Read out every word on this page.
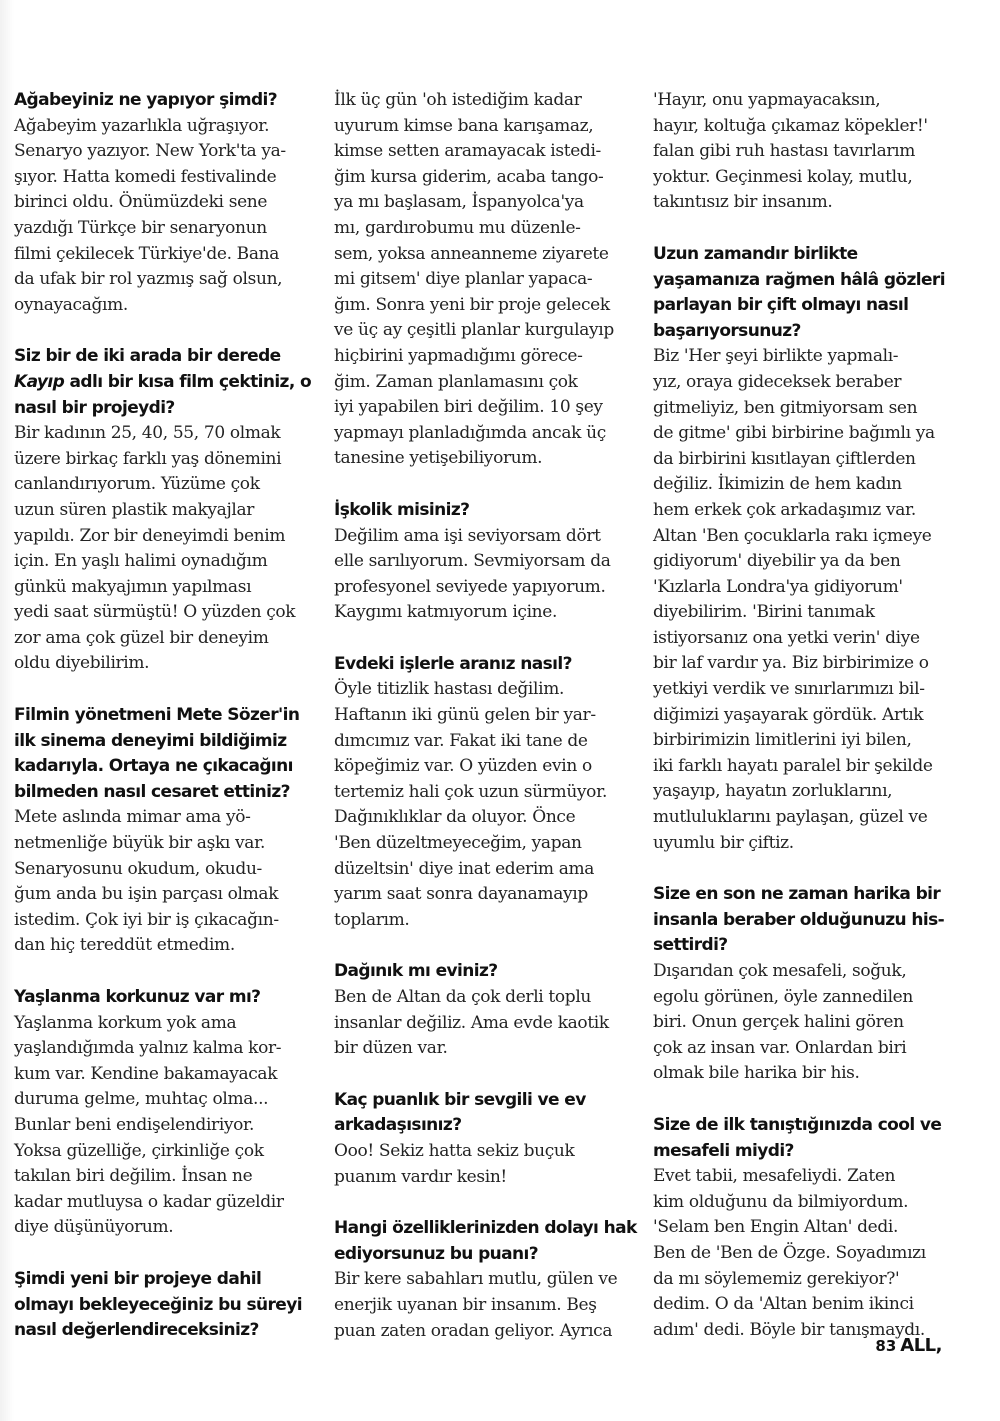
Ağabeyiniz ne yapıyor şimdi?

Ağabeyim yazarlıkla uğraşıyor.
Senaryo yazıyor. New York'ta ya-
şıyor. Hatta komedi festivalinde
birinci oldu. Önümüzdeki sene
yazdığı Türkçe bir senaryonun
filmi çekilecek Türkiye'de. Bana
da ufak bir rol yazmış sağ olsun,
oynayacağım.

Siz bir de iki arada bir derede
Kayıp adlı bir kısa film çektiniz, o
nasıl bir projeydi?

Bir kadının 25, 40, 55, 70 olmak
üzere birkaç farklı yaş dönemini
canlandırıyorum. Yüzüme çok
uzun süren plastik makyajlar
yapıldı. Zor bir deneyimdi benim
için. En yaşlı halimi oynadığım
günkü makyajımın yapılması
yedi saat sürmüştü! O yüzden çok
zor ama çok güzel bir deneyim
oldu diyebilirim.

Filmin yönetmeni Mete Sözer'in
ilk sinema deneyimi bildiğimiz
kadarıyla. Ortaya ne çıkacağını
bilmeden nasıl cesaret ettiniz?

Mete aslında mimar ama yö-
netmenliğe büyük bir aşkı var.
Senaryosunu okudum, okudu-
ğum anda bu işin parçası olmak
istedim. Çok iyi bir iş çıkacağın-
dan hiç tereddüt etmedim.

Yaşlanma korkunuz var mı?

Yaşlanma korkum yok ama
yaşlandığımda yalnız kalma kor-
kum var. Kendine bakamayacak
duruma gelme, muhtaç olma...
Bunlar beni endişelendiriyor.
Yoksa güzelliğe, çirkinliğe çok
takılan biri değilim. İnsan ne
kadar mutluysa o kadar güzeldir
diye düşünüyorum.

Şimdi yeni bir projeye dahil
olmayı bekleyeceğiniz bu süreyi
nasıl değerlendireceksiniz?

İlk üç gün 'oh istediğim kadar
uyurum kimse bana karışamaz,
kimse setten aramayacak istedi-
ğim kursa giderim, acaba tango-
ya mı başlasam, İspanyolca'ya
mı, gardırobumu mu düzenle-
sem, yoksa anneanneme ziyarete
mi gitsem' diye planlar yapaca-
ğım. Sonra yeni bir proje gelecek
ve üç ay çeşitli planlar kurgulayıp
hiçbirini yapmadığımı görece-
ğim. Zaman planlamasını çok
iyi yapabilen biri değilim. 10 şey
yapmayı planladığımda ancak üç
tanesine yetişebiliyorum.

İşkolik misiniz?

Değilim ama işi seviyorsam dört
elle sarılıyorum. Sevmiyorsam da
profesyonel seviyede yapıyorum.
Kaygımı katmıyorum içine.

Evdeki işlerle aranız nasıl?

Öyle titizlik hastası değilim.
Haftanın iki günü gelen bir yar-
dımcımız var. Fakat iki tane de
köpeğimiz var. O yüzden evin o
tertemiz hali çok uzun sürmüyor.
Dağınıklıklar da oluyor. Önce
'Ben düzeltmeyeceğim, yapan
düzeltsin' diye inat ederim ama
yarım saat sonra dayanamayıp
toplarım.

Dağınık mı eviniz?

Ben de Altan da çok derli toplu
insanlar değiliz. Ama evde kaotik
bir düzen var.

Kaç puanlık bir sevgili ve ev
arkadaşısınız?

Ooo! Sekiz hatta sekiz buçuk
puanım vardır kesin!

Hangi özelliklerinizden dolayı hak
ediyorsunuz bu puanı?

Bir kere sabahları mutlu, gülen ve
enerjik uyanan bir insanım. Beş
puan zaten oradan geliyor. Ayrıca

'Hayır, onu yapmayacaksın,
hayır, koltuğa çıkamaz köpekler!'
falan gibi ruh hastası tavırlarım
yoktur. Geçinmesi kolay, mutlu,
takıntısız bir insanım.

Uzun zamandır birlikte
yaşamanıza rağmen hâlâ gözleri
parlayan bir çift olmayı nasıl
başarıyorsunuz?

Biz 'Her şeyi birlikte yapmalı-
yız, oraya gideceksek beraber
gitmeliyiz, ben gitmiyorsam sen
de gitme' gibi birbirine bağımlı ya
da birbirini kısıtlayan çiftlerden
değiliz. İkimizin de hem kadın
hem erkek çok arkadaşımız var.
Altan 'Ben çocuklarla rakı içmeye
gidiyorum' diyebilir ya da ben
'Kızlarla Londra'ya gidiyorum'
diyebilirim. 'Birini tanımak
istiyorsanız ona yetki verin' diye
bir laf vardır ya. Biz birbirimize o
yetkiyi verdik ve sınırlarımızı bil-
diğimizi yaşayarak gördük. Artık
birbirimizin limitlerini iyi bilen,
iki farklı hayatı paralel bir şekilde
yaşayıp, hayatın zorluklarını,
mutluluklarını paylaşan, güzel ve
uyumlu bir çiftiz.

Size en son ne zaman harika bir
insanla beraber olduğunuzu his-
settirdi?

Dışarıdan çok mesafeli, soğuk,
egolu görünen, öyle zannedilen
biri. Onun gerçek halini gören
çok az insan var. Onlardan biri
olmak bile harika bir his.

Size de ilk tanıştığınızda cool ve
mesafeli miydi?

Evet tabii, mesafeliydi. Zaten
kim olduğunu da bilmiyordum.
'Selam ben Engin Altan' dedi.
Ben de 'Ben de Özge. Soyadımızı
da mı söylememiz gerekiyor?'
dedim. O da 'Altan benim ikinci
adım' dedi. Böyle bir tanışmaydı.

83 ALL,
